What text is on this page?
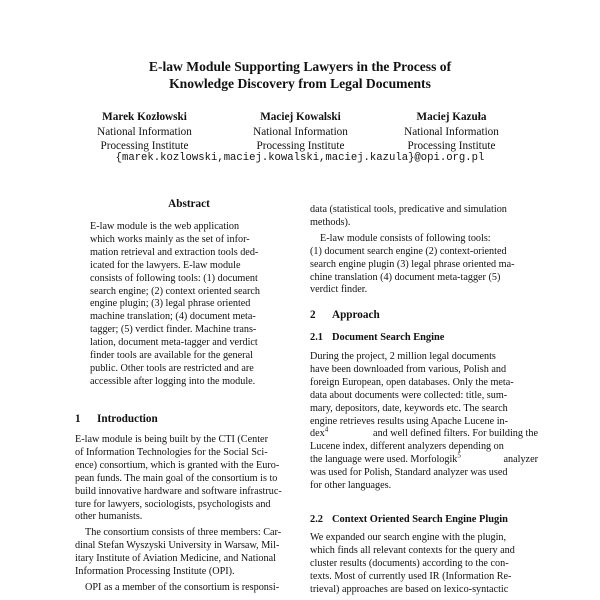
E-law Module Supporting Lawyers in the Process of
Knowledge Discovery from Legal Documents
Marek Kozłowski
National Information
Processing Institute
Maciej Kowalski
National Information
Processing Institute
Maciej Kazuła
National Information
Processing Institute
{marek.kozlowski,maciej.kowalski,maciej.kazula}@opi.org.pl
Abstract
E-law module is the web application
which works mainly as the set of infor-
mation retrieval and extraction tools ded-
icated for the lawyers. E-law module
consists of following tools: (1) document
search engine; (2) context oriented search
engine plugin; (3) legal phrase oriented
machine translation; (4) document meta-
tagger; (5) verdict finder. Machine trans-
lation, document meta-tagger and verdict
finder tools are available for the general
public. Other tools are restricted and are
accessible after logging into the module.
1 Introduction
E-law module is being built by the CTI (Center
of Information Technologies for the Social Sci-
ence) consortium, which is granted with the Euro-
pean funds. The main goal of the consortium is to
build innovative hardware and software infrastruc-
ture for lawyers, sociologists, psychologists and
other humanists.
The consortium consists of three members: Car-
dinal Stefan Wyszyski University in Warsaw, Mil-
itary Institute of Aviation Medicine, and National
Information Processing Institute (OPI).
OPI as a member of the consortium is responsi-
data (statistical tools, predicative and simulation
methods).
E-law module consists of following tools:
(1) document search engine (2) context-oriented
search engine plugin (3) legal phrase oriented ma-
chine translation (4) document meta-tagger (5)
verdict finder.
2 Approach
2.1 Document Search Engine
During the project, 2 million legal documents
have been downloaded from various, Polish and
foreign European, open databases. Only the meta-
data about documents were collected: title, sum-
mary, depositors, date, keywords etc. The search
engine retrieves results using Apache Lucene in-
dex$^4$	and well defined filters. For building the
Lucene index, different analyzers depending on
the language were used. Morfologik$^5$	analyzer
was used for Polish, Standard analyzer was used
for other languages.
2.2 Context Oriented Search Engine Plugin
We expanded our search engine with the plugin,
which finds all relevant contexts for the query and
cluster results (documents) according to the con-
texts. Most of currently used IR (Information Re-
trieval) approaches are based on lexico-syntactic
